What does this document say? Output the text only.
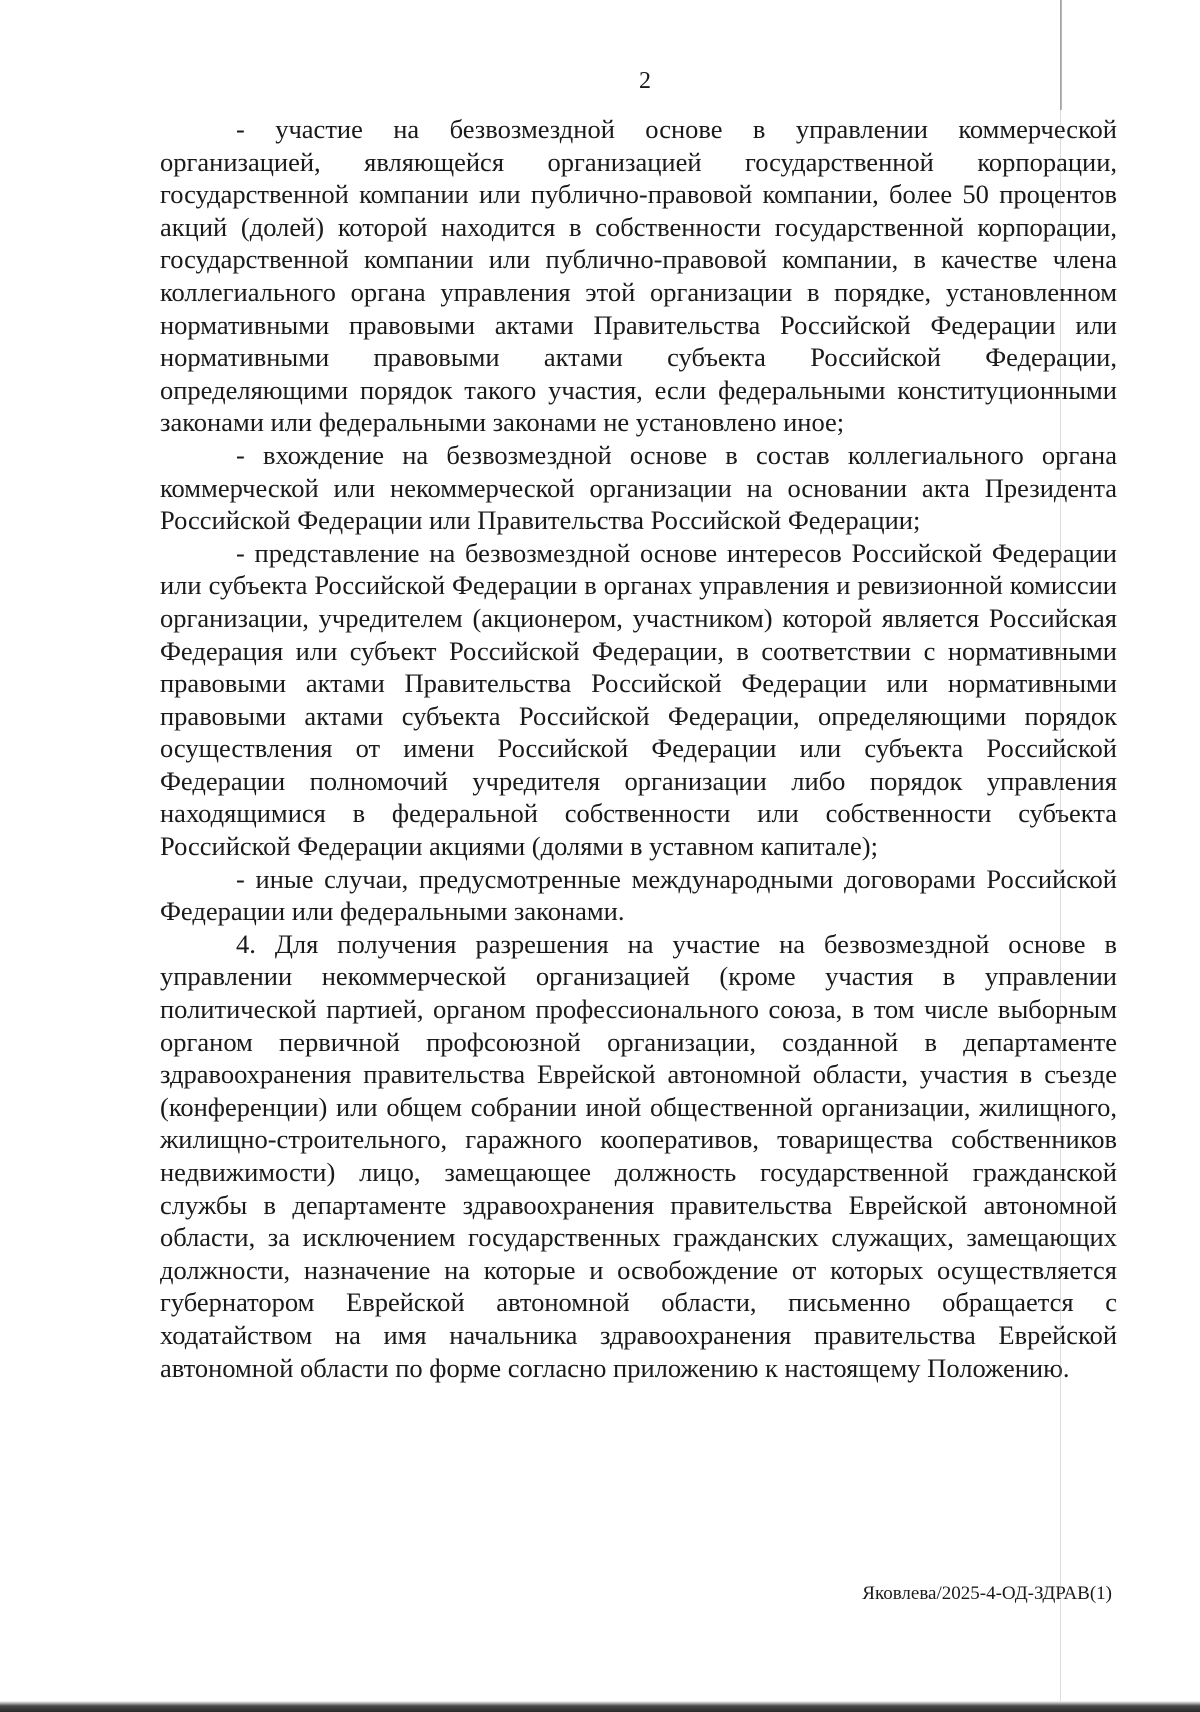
2

- участие на безвозмездной основе в управлении коммерческой организацией, являющейся организацией государственной корпорации, государственной компании или публично-правовой компании, более 50 процентов акций (долей) которой находится в собственности государственной корпорации, государственной компании или публично-правовой компании, в качестве члена коллегиального органа управления этой организации в порядке, установленном нормативными правовыми актами Правительства Российской Федерации или нормативными правовыми актами субъекта Российской Федерации, определяющими порядок такого участия, если федеральными конституционными законами или федеральными законами не установлено иное;

- вхождение на безвозмездной основе в состав коллегиального органа коммерческой или некоммерческой организации на основании акта Президента Российской Федерации или Правительства Российской Федерации;

- представление на безвозмездной основе интересов Российской Федерации или субъекта Российской Федерации в органах управления и ревизионной комиссии организации, учредителем (акционером, участником) которой является Российская Федерация или субъект Российской Федерации, в соответствии с нормативными правовыми актами Правительства Российской Федерации или нормативными правовыми актами субъекта Российской Федерации, определяющими порядок осуществления от имени Российской Федерации или субъекта Российской Федерации полномочий учредителя организации либо порядок управления находящимися в федеральной собственности или собственности субъекта Российской Федерации акциями (долями в уставном капитале);

- иные случаи, предусмотренные международными договорами Российской Федерации или федеральными законами.

4. Для получения разрешения на участие на безвозмездной основе в управлении некоммерческой организацией (кроме участия в управлении политической партией, органом профессионального союза, в том числе выборным органом первичной профсоюзной организации, созданной в департаменте здравоохранения правительства Еврейской автономной области, участия в съезде (конференции) или общем собрании иной общественной организации, жилищного, жилищно-строительного, гаражного кооперативов, товарищества собственников недвижимости) лицо, замещающее должность государственной гражданской службы в департаменте здравоохранения правительства Еврейской автономной области, за исключением государственных гражданских служащих, замещающих должности, назначение на которые и освобождение от которых осуществляется губернатором Еврейской автономной области, письменно обращается с ходатайством на имя начальника здравоохранения правительства Еврейской автономной области по форме согласно приложению к настоящему Положению.

Яковлева/2025-4-ОД-ЗДРАВ(1)
